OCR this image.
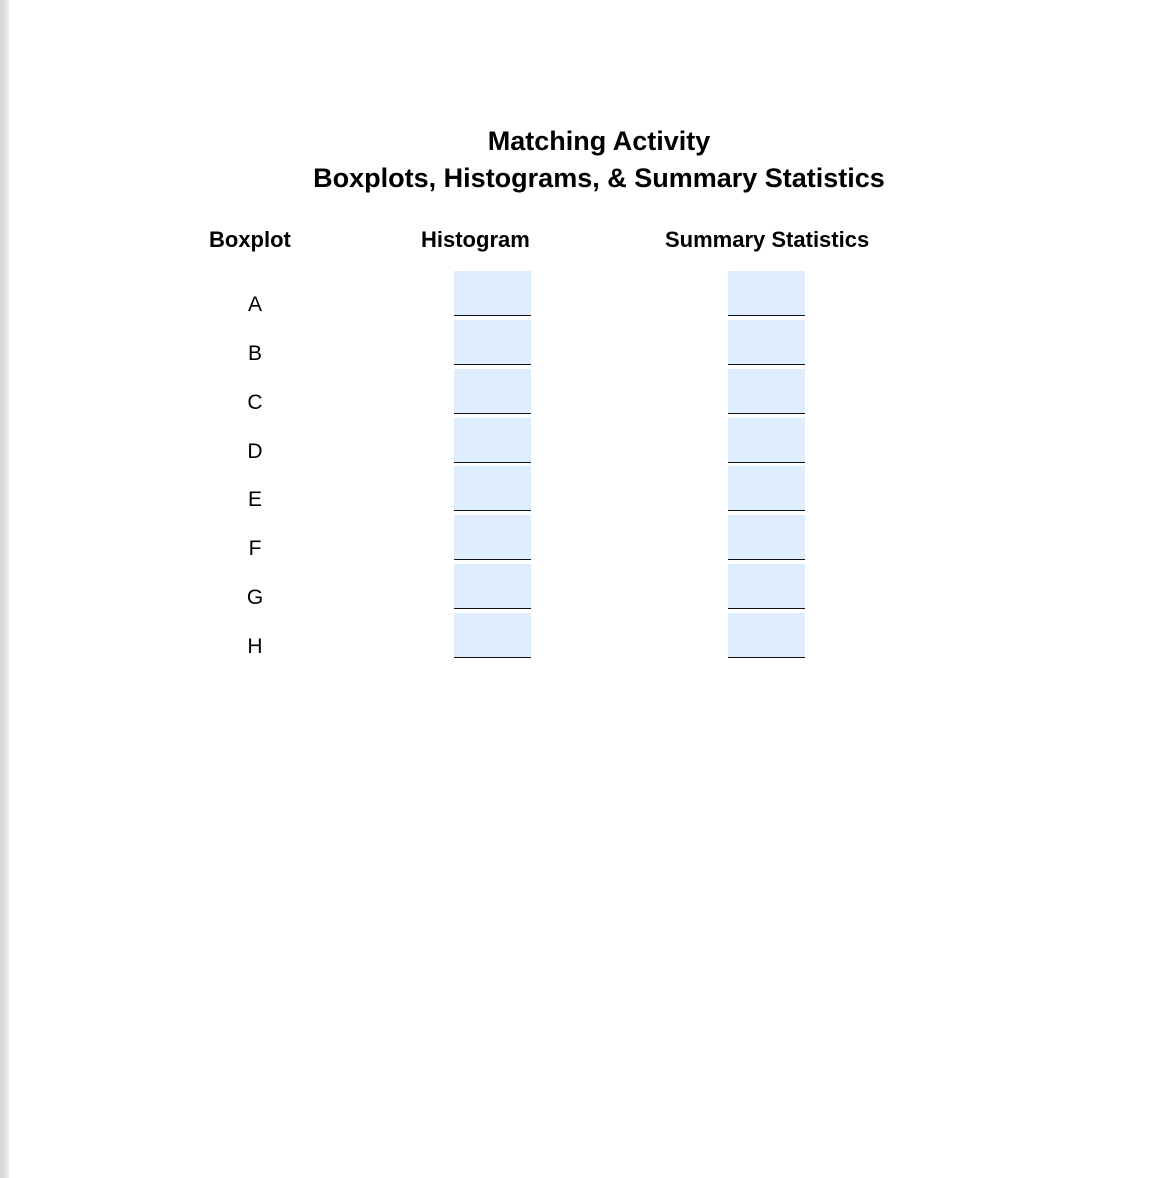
Matching Activity
Boxplots, Histograms, & Summary Statistics
Boxplot	Histogram	Summary Statistics
A
B
C
D
E
F
G
H
